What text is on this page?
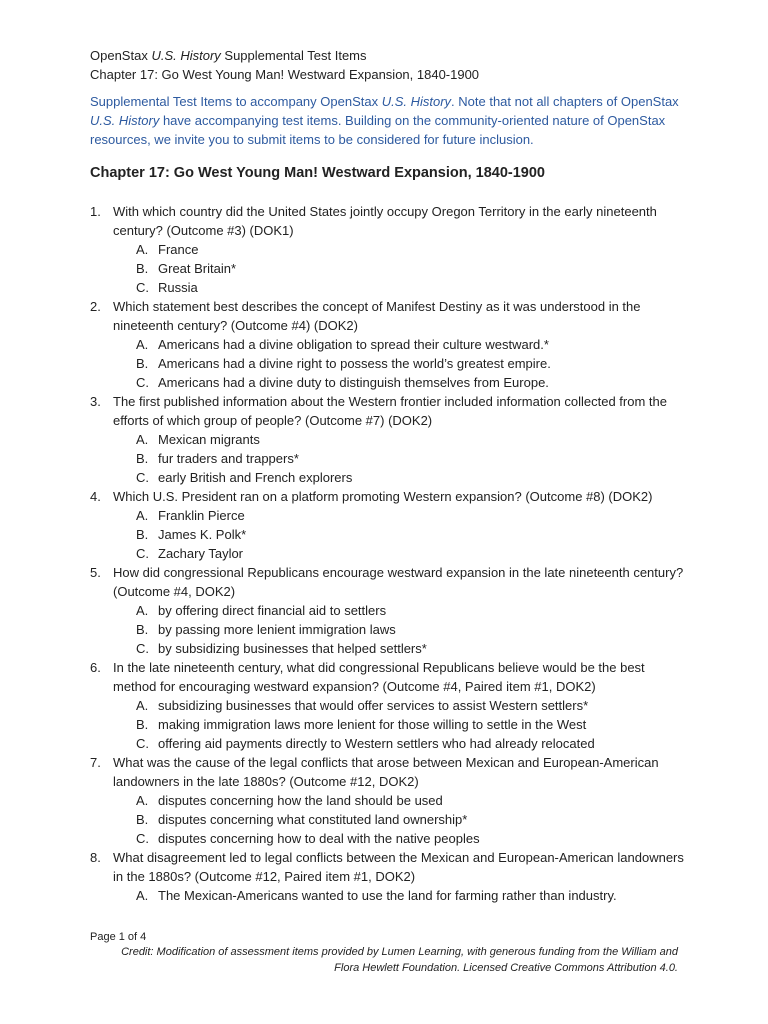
OpenStax U.S. History Supplemental Test Items
Chapter 17: Go West Young Man! Westward Expansion, 1840-1900
Supplemental Test Items to accompany OpenStax U.S. History. Note that not all chapters of OpenStax U.S. History have accompanying test items. Building on the community-oriented nature of OpenStax resources, we invite you to submit items to be considered for future inclusion.
Chapter 17: Go West Young Man! Westward Expansion, 1840-1900
1. With which country did the United States jointly occupy Oregon Territory in the early nineteenth century? (Outcome #3) (DOK1)
A. France
B. Great Britain*
C. Russia
2. Which statement best describes the concept of Manifest Destiny as it was understood in the nineteenth century? (Outcome #4) (DOK2)
A. Americans had a divine obligation to spread their culture westward.*
B. Americans had a divine right to possess the world’s greatest empire.
C. Americans had a divine duty to distinguish themselves from Europe.
3. The first published information about the Western frontier included information collected from the efforts of which group of people? (Outcome #7) (DOK2)
A. Mexican migrants
B. fur traders and trappers*
C. early British and French explorers
4. Which U.S. President ran on a platform promoting Western expansion? (Outcome #8) (DOK2)
A. Franklin Pierce
B. James K. Polk*
C. Zachary Taylor
5. How did congressional Republicans encourage westward expansion in the late nineteenth century? (Outcome #4, DOK2)
A. by offering direct financial aid to settlers
B. by passing more lenient immigration laws
C. by subsidizing businesses that helped settlers*
6. In the late nineteenth century, what did congressional Republicans believe would be the best method for encouraging westward expansion? (Outcome #4, Paired item #1, DOK2)
A. subsidizing businesses that would offer services to assist Western settlers*
B. making immigration laws more lenient for those willing to settle in the West
C. offering aid payments directly to Western settlers who had already relocated
7. What was the cause of the legal conflicts that arose between Mexican and European-American landowners in the late 1880s? (Outcome #12, DOK2)
A. disputes concerning how the land should be used
B. disputes concerning what constituted land ownership*
C. disputes concerning how to deal with the native peoples
8. What disagreement led to legal conflicts between the Mexican and European-American landowners in the 1880s? (Outcome #12, Paired item #1, DOK2)
A. The Mexican-Americans wanted to use the land for farming rather than industry.
Page 1 of 4
Credit: Modification of assessment items provided by Lumen Learning, with generous funding from the William and Flora Hewlett Foundation. Licensed Creative Commons Attribution 4.0.
